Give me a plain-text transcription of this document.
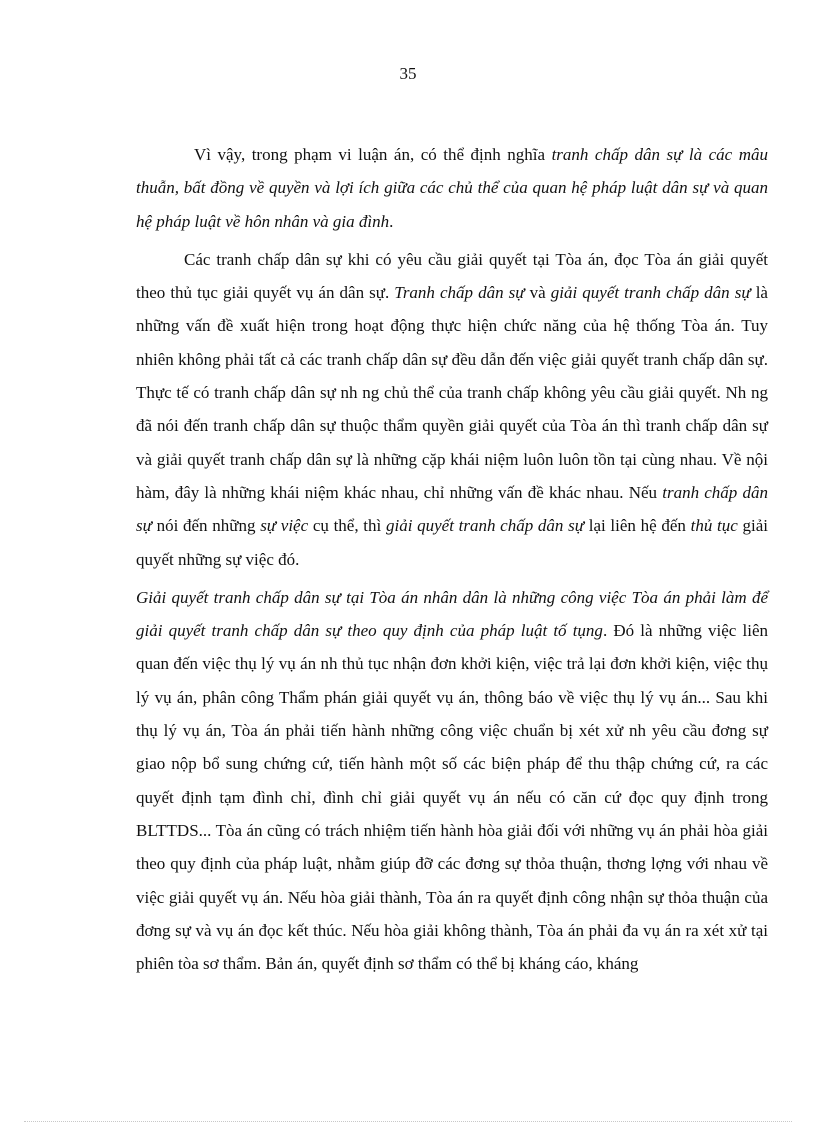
35

Vì vậy, trong phạm vi luận án, có thể định nghĩa tranh chấp dân sự là các mâu thuẫn, bất đồng về quyền và lợi ích giữa các chủ thể của quan hệ pháp luật dân sự và quan hệ pháp luật về hôn nhân và gia đình.

Các tranh chấp dân sự khi có yêu cầu giải quyết tại Tòa án, đọc Tòa án giải quyết theo thủ tục giải quyết vụ án dân sự. Tranh chấp dân sự và giải quyết tranh chấp dân sự là những vấn đề xuất hiện trong hoạt động thực hiện chức năng của hệ thống Tòa án. Tuy nhiên không phải tất cả các tranh chấp dân sự đều dẫn đến việc giải quyết tranh chấp dân sự. Thực tế có tranh chấp dân sự nh ng chủ thể của tranh chấp không yêu cầu giải quyết. Nh ng đã nói đến tranh chấp dân sự thuộc thẩm quyền giải quyết của Tòa án thì tranh chấp dân sự và giải quyết tranh chấp dân sự là những cặp khái niệm luôn luôn tồn tại cùng nhau. Về nội hàm, đây là những khái niệm khác nhau, chỉ những vấn đề khác nhau. Nếu tranh chấp dân sự nói đến những sự việc cụ thể, thì giải quyết tranh chấp dân sự lại liên hệ đến thủ tục giải quyết những sự việc đó.

Giải quyết tranh chấp dân sự tại Tòa án nhân dân là những công việc Tòa án phải làm để giải quyết tranh chấp dân sự theo quy định của pháp luật tố tụng. Đó là những việc liên quan đến việc thụ lý vụ án nh thủ tục nhận đơn khởi kiện, việc trả lại đơn khởi kiện, việc thụ lý vụ án, phân công Thẩm phán giải quyết vụ án, thông báo về việc thụ lý vụ án... Sau khi thụ lý vụ án, Tòa án phải tiến hành những công việc chuẩn bị xét xử nh yêu cầu đơng sự giao nộp bổ sung chứng cứ, tiến hành một số các biện pháp để thu thập chứng cứ, ra các quyết định tạm đình chỉ, đình chỉ giải quyết vụ án nếu có căn cứ đọc quy định trong BLTTDS... Tòa án cũng có trách nhiệm tiến hành hòa giải đối với những vụ án phải hòa giải theo quy định của pháp luật, nhằm giúp đỡ các đơng sự thỏa thuận, thơng lợng với nhau về việc giải quyết vụ án. Nếu hòa giải thành, Tòa án ra quyết định công nhận sự thỏa thuận của đơng sự và vụ án đọc kết thúc. Nếu hòa giải không thành, Tòa án phải đa vụ án ra xét xử tại phiên tòa sơ thẩm. Bản án, quyết định sơ thẩm có thể bị kháng cáo, kháng
